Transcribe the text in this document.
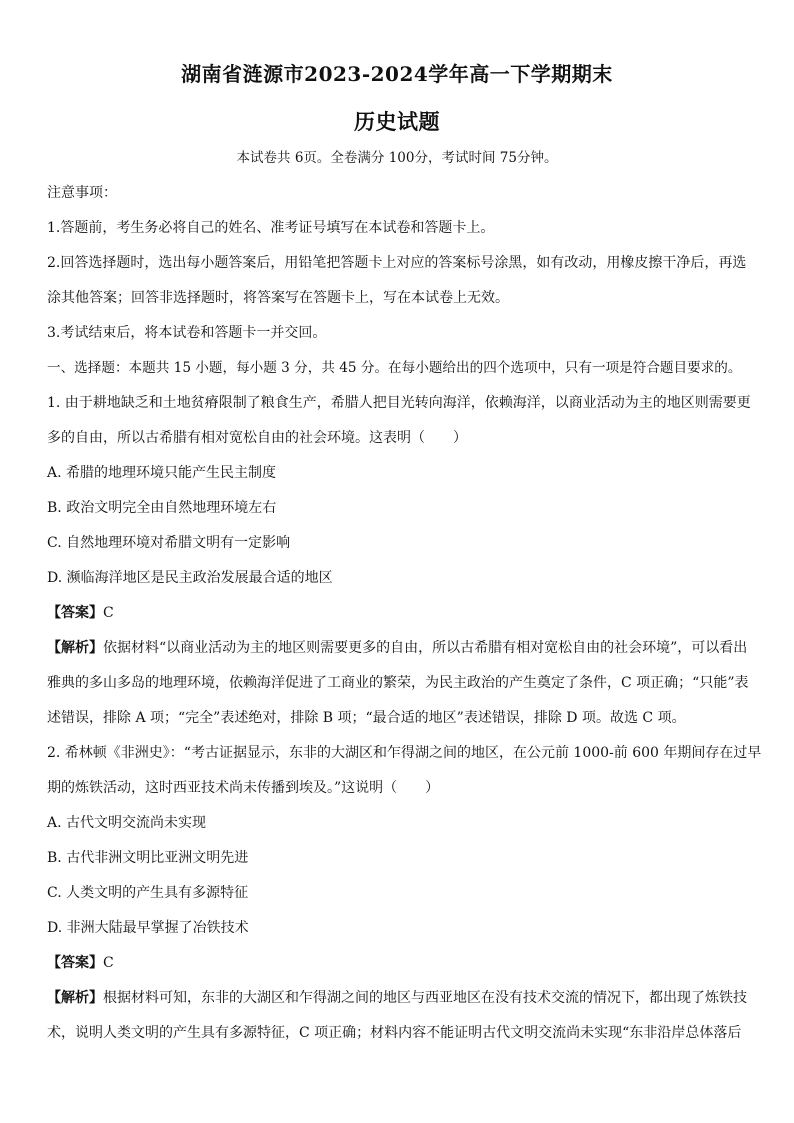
湖南省涟源市2023-2024学年高一下学期期末
历史试题
本试卷共 6页。全卷满分 100分，考试时间 75分钟。
注意事项：
1.答题前，考生务必将自己的姓名、准考证号填写在本试卷和答题卡上。
2.回答选择题时，选出每小题答案后，用铅笔把答题卡上对应的答案标号涂黑，如有改动，用橡皮擦干净后，再选
涂其他答案；回答非选择题时，将答案写在答题卡上，写在本试卷上无效。
3.考试结束后，将本试卷和答题卡一并交回。
一、选择题：本题共 15 小题，每小题 3 分，共 45 分。在每小题给出的四个选项中，只有一项是符合题目要求的。
1. 由于耕地缺乏和土地贫瘠限制了粮食生产，希腊人把目光转向海洋，依赖海洋，以商业活动为主的地区则需要更
多的自由，所以古希腊有相对宽松自由的社会环境。这表明（　　）
A. 希腊的地理环境只能产生民主制度
B. 政治文明完全由自然地理环境左右
C. 自然地理环境对希腊文明有一定影响
D. 濒临海洋地区是民主政治发展最合适的地区
【答案】C
【解析】依据材料“以商业活动为主的地区则需要更多的自由，所以古希腊有相对宽松自由的社会环境”，可以看出
雅典的多山多岛的地理环境，依赖海洋促进了工商业的繁荣，为民主政治的产生奠定了条件，C 项正确；“只能”表
述错误，排除 A 项；“完全”表述绝对，排除 B 项；“最合适的地区”表述错误，排除 D 项。故选 C 项。
2. 希林顿《非洲史》：“考古证据显示，东非的大湖区和乍得湖之间的地区，在公元前 1000-前 600 年期间存在过早
期的炼铁活动，这时西亚技术尚未传播到埃及。”这说明（　　）
A. 古代文明交流尚未实现
B. 古代非洲文明比亚洲文明先进
C. 人类文明的产生具有多源特征
D. 非洲大陆最早掌握了冶铁技术
【答案】C
【解析】根据材料可知，东非的大湖区和乍得湖之间的地区与西亚地区在没有技术交流的情况下，都出现了炼铁技
术，说明人类文明的产生具有多源特征，C 项正确；材料内容不能证明古代文明交流尚未实现“东非沿岸总体落后
